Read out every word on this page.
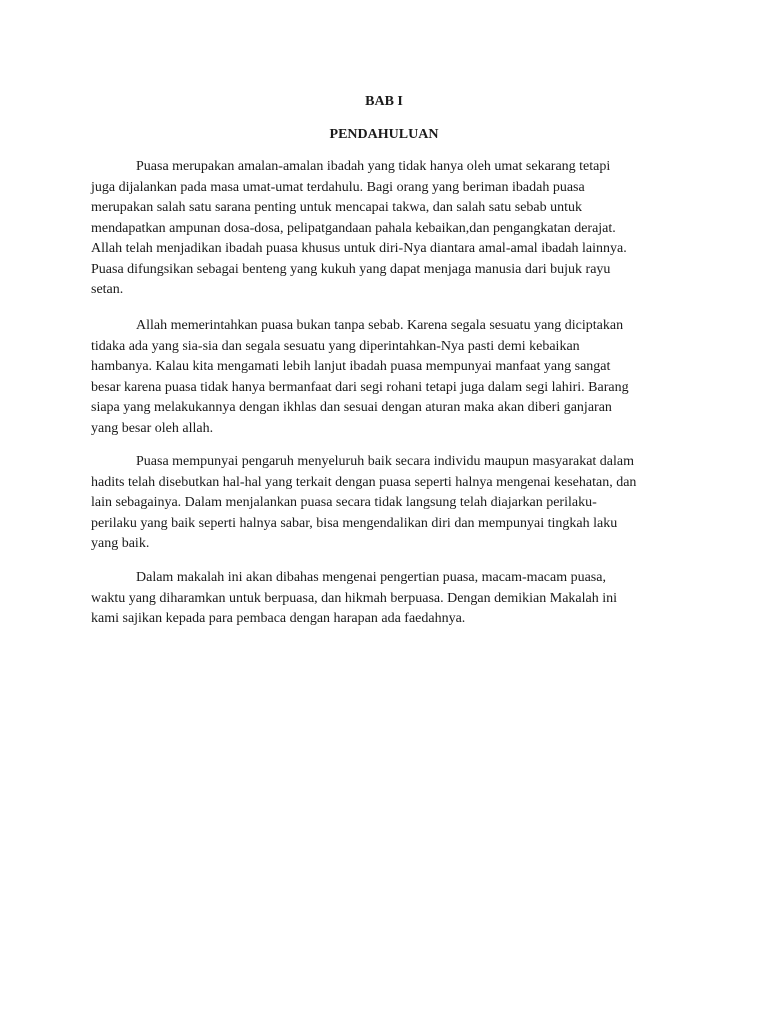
BAB I
PENDAHULUAN
Puasa merupakan amalan-amalan ibadah yang tidak hanya oleh umat sekarang tetapi
juga dijalankan pada masa umat-umat terdahulu. Bagi orang yang beriman ibadah puasa
merupakan salah satu sarana penting untuk mencapai takwa, dan salah satu sebab untuk
mendapatkan ampunan dosa-dosa, pelipatgandaan pahala kebaikan,dan pengangkatan derajat.
Allah telah menjadikan ibadah puasa khusus untuk diri-Nya diantara amal-amal ibadah lainnya.
Puasa difungsikan sebagai benteng yang kukuh yang dapat menjaga manusia dari bujuk rayu
setan.
Allah memerintahkan puasa bukan tanpa sebab. Karena segala sesuatu yang diciptakan
tidaka ada yang sia-sia dan segala sesuatu yang diperintahkan-Nya pasti demi kebaikan
hambanya. Kalau kita mengamati lebih lanjut ibadah puasa mempunyai manfaat yang sangat
besar karena puasa tidak hanya bermanfaat dari segi rohani tetapi juga dalam segi lahiri. Barang
siapa yang melakukannya dengan ikhlas dan sesuai dengan aturan maka akan diberi ganjaran
yang besar oleh allah.
Puasa mempunyai pengaruh menyeluruh baik secara individu maupun masyarakat dalam
hadits telah disebutkan hal-hal yang terkait dengan puasa seperti halnya mengenai kesehatan, dan
lain sebagainya. Dalam menjalankan puasa secara tidak langsung telah diajarkan perilaku-
perilaku yang baik seperti halnya sabar, bisa mengendalikan diri dan mempunyai tingkah laku
yang baik.
Dalam makalah ini akan dibahas mengenai pengertian puasa, macam-macam puasa,
waktu yang diharamkan untuk berpuasa, dan hikmah berpuasa. Dengan demikian Makalah ini
kami sajikan kepada para pembaca dengan harapan ada faedahnya.
